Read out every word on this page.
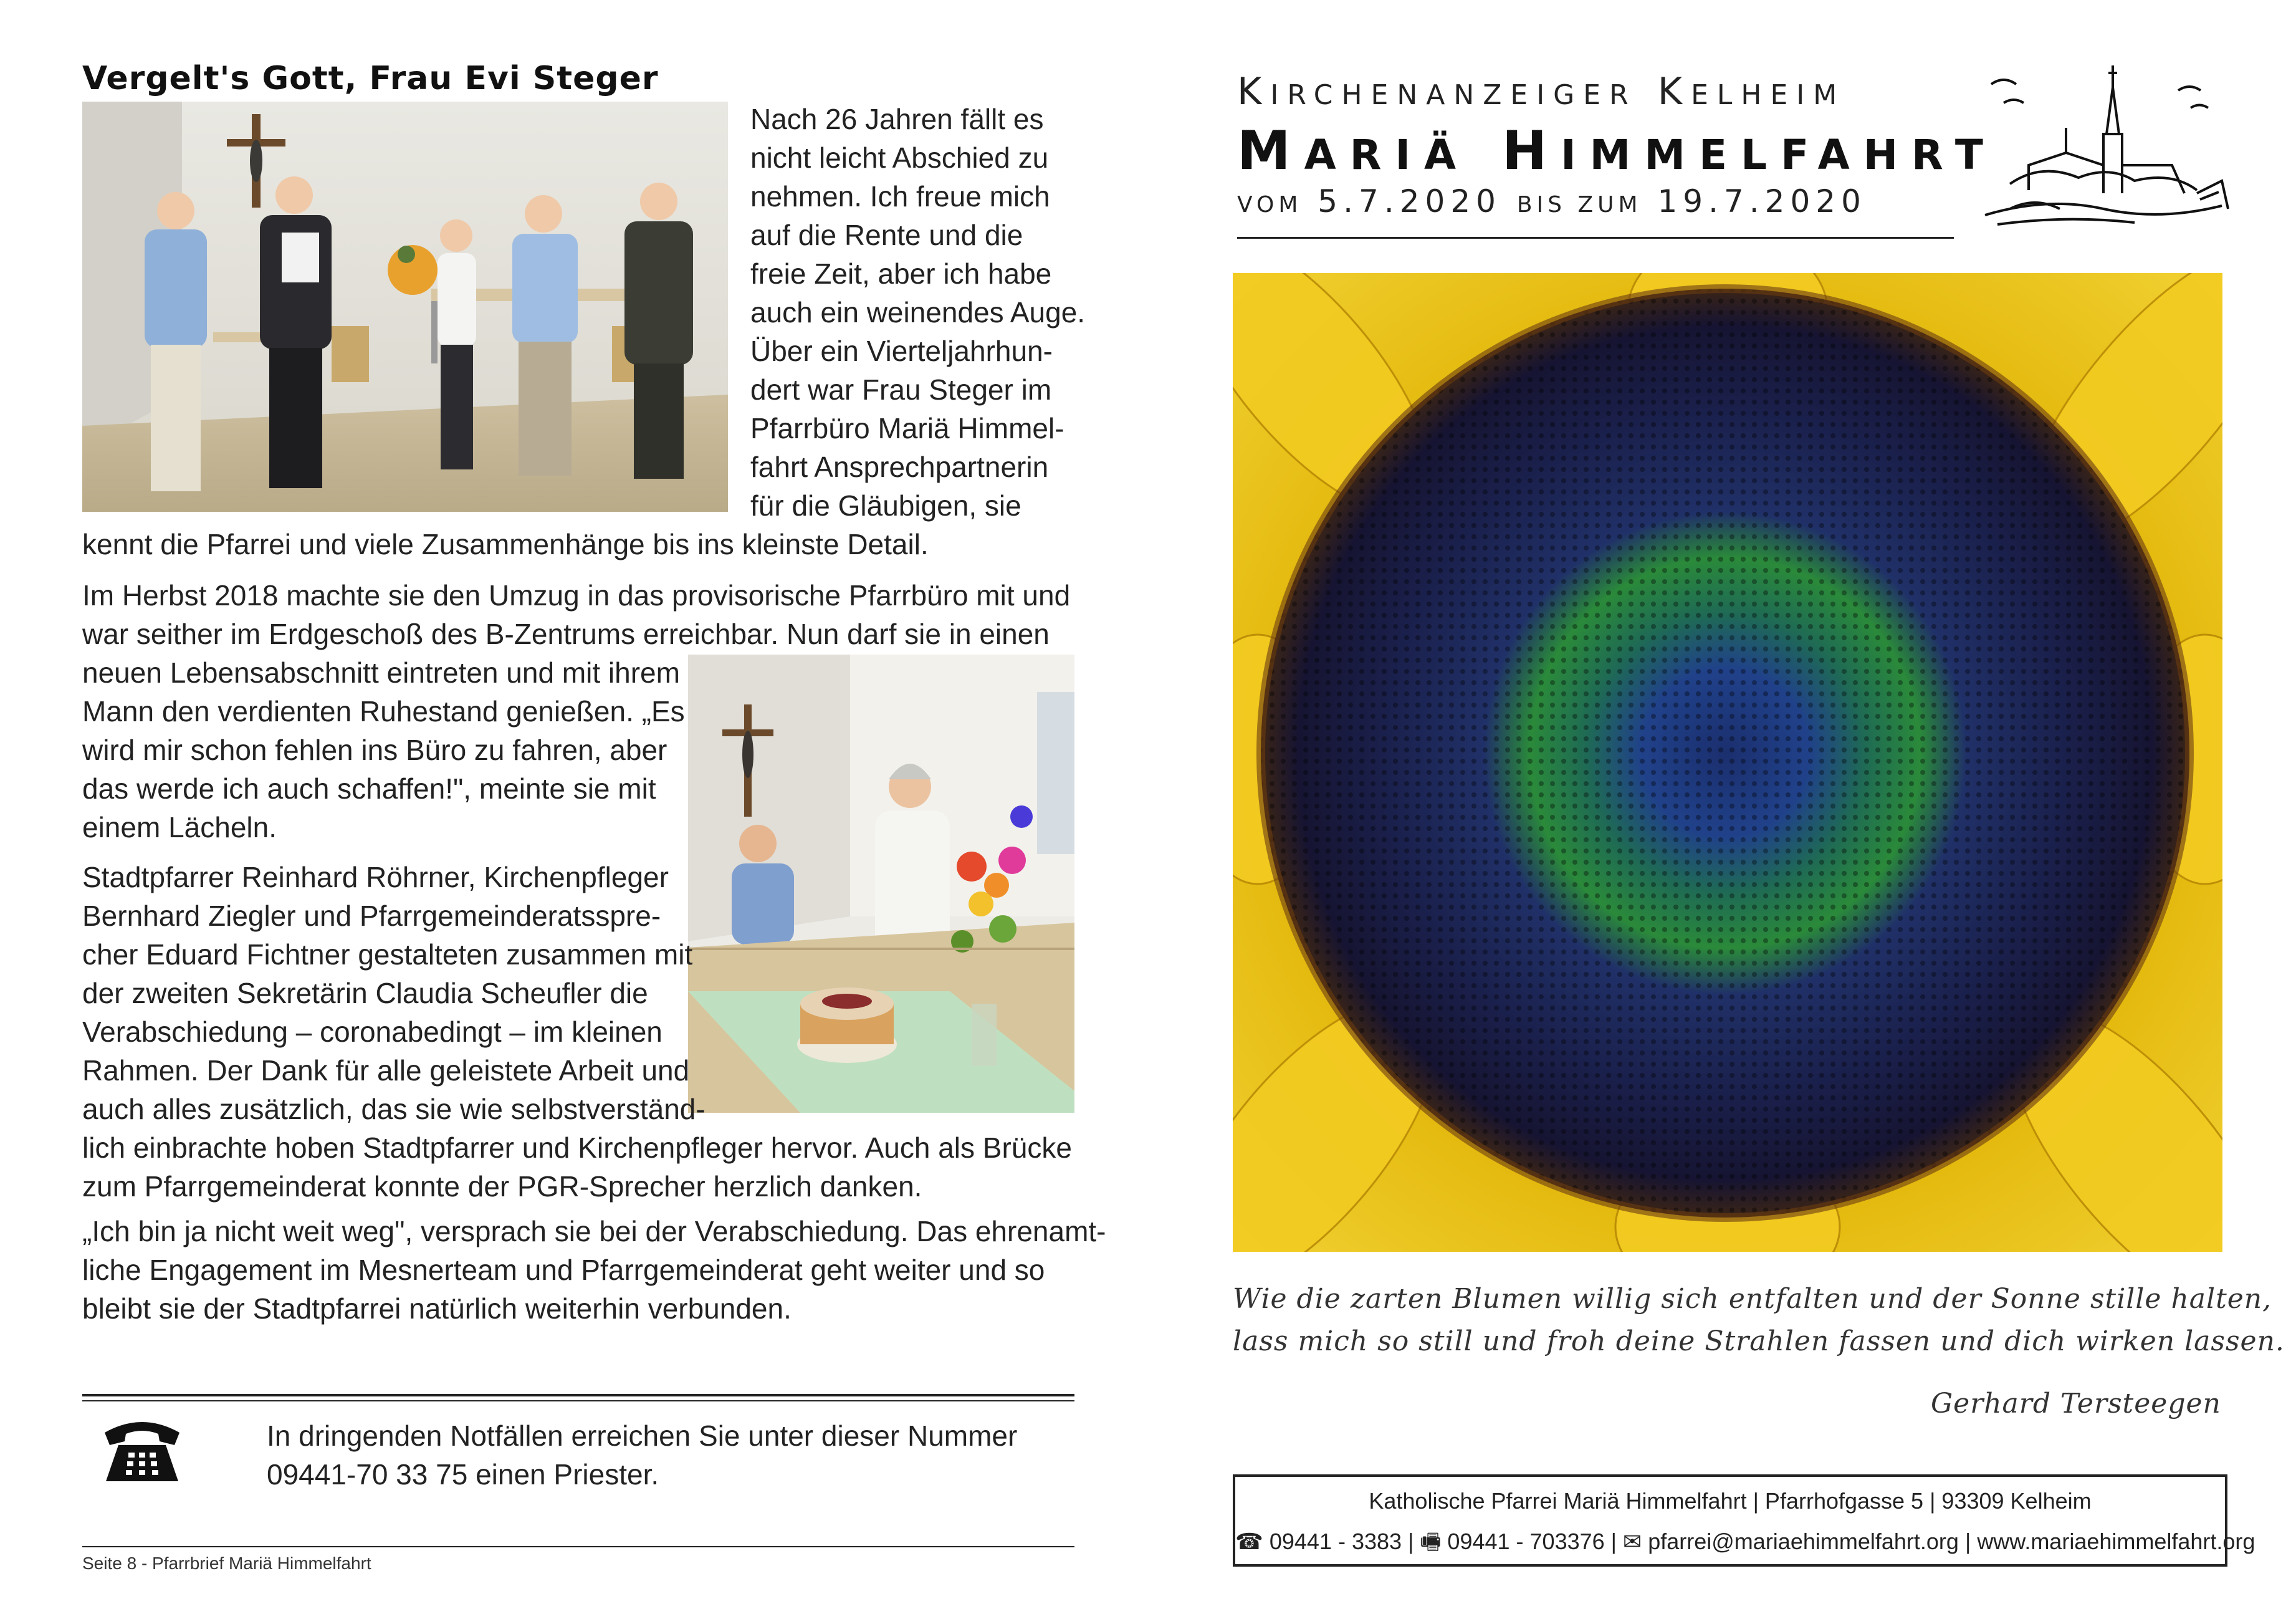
Vergelt's Gott, Frau Evi Steger
Nach 26 Jahren fällt es
nicht leicht Abschied zu
nehmen. Ich freue mich
auf die Rente und die
freie Zeit, aber ich habe
auch ein weinendes Auge.
Über ein Vierteljahrhun-
dert war Frau Steger im
Pfarrbüro Mariä Himmel-
fahrt Ansprechpartnerin
für die Gläubigen, sie
kennt die Pfarrei und viele Zusammenhänge bis ins kleinste Detail.
Im Herbst 2018 machte sie den Umzug in das provisorische Pfarrbüro mit und
war seither im Erdgeschoß des B-Zentrums erreichbar. Nun darf sie in einen
neuen Lebensabschnitt eintreten und mit ihrem
Mann den verdienten Ruhestand genießen. „Es
wird mir schon fehlen ins Büro zu fahren, aber
das werde ich auch schaffen!", meinte sie mit
einem Lächeln.
Stadtpfarrer Reinhard Röhrner, Kirchenpfleger
Bernhard Ziegler und Pfarrgemeinderatsspre-
cher Eduard Fichtner gestalteten zusammen mit
der zweiten Sekretärin Claudia Scheufler die
Verabschiedung – coronabedingt – im kleinen
Rahmen. Der Dank für alle geleistete Arbeit und
auch alles zusätzlich, das sie wie selbstverständ-
lich einbrachte hoben Stadtpfarrer und Kirchenpfleger hervor. Auch als Brücke
zum Pfarrgemeinderat konnte der PGR-Sprecher herzlich danken.
„Ich bin ja nicht weit weg", versprach sie bei der Verabschiedung. Das ehrenamt-
liche Engagement im Mesnerteam und Pfarrgemeinderat geht weiter und so
bleibt sie der Stadtpfarrei natürlich weiterhin verbunden.
In dringenden Notfällen erreichen Sie unter dieser Nummer
09441-70 33 75 einen Priester.
Seite 8 - Pfarrbrief Mariä Himmelfahrt
KIRCHENANZEIGER KELHEIM
MARIÄ HIMMELFAHRT
VOM 5.7.2020 BIS ZUM 19.7.2020
Wie die zarten Blumen willig sich entfalten und der Sonne stille halten,
lass mich so still und froh deine Strahlen fassen und dich wirken lassen.
Gerhard Tersteegen
Katholische Pfarrei Mariä Himmelfahrt | Pfarrhofgasse 5 | 93309 Kelheim
☎ 09441 - 3383 | 🖷 09441 - 703376 | ✉ pfarrei@mariaehimmelfahrt.org | www.mariaehimmelfahrt.org
